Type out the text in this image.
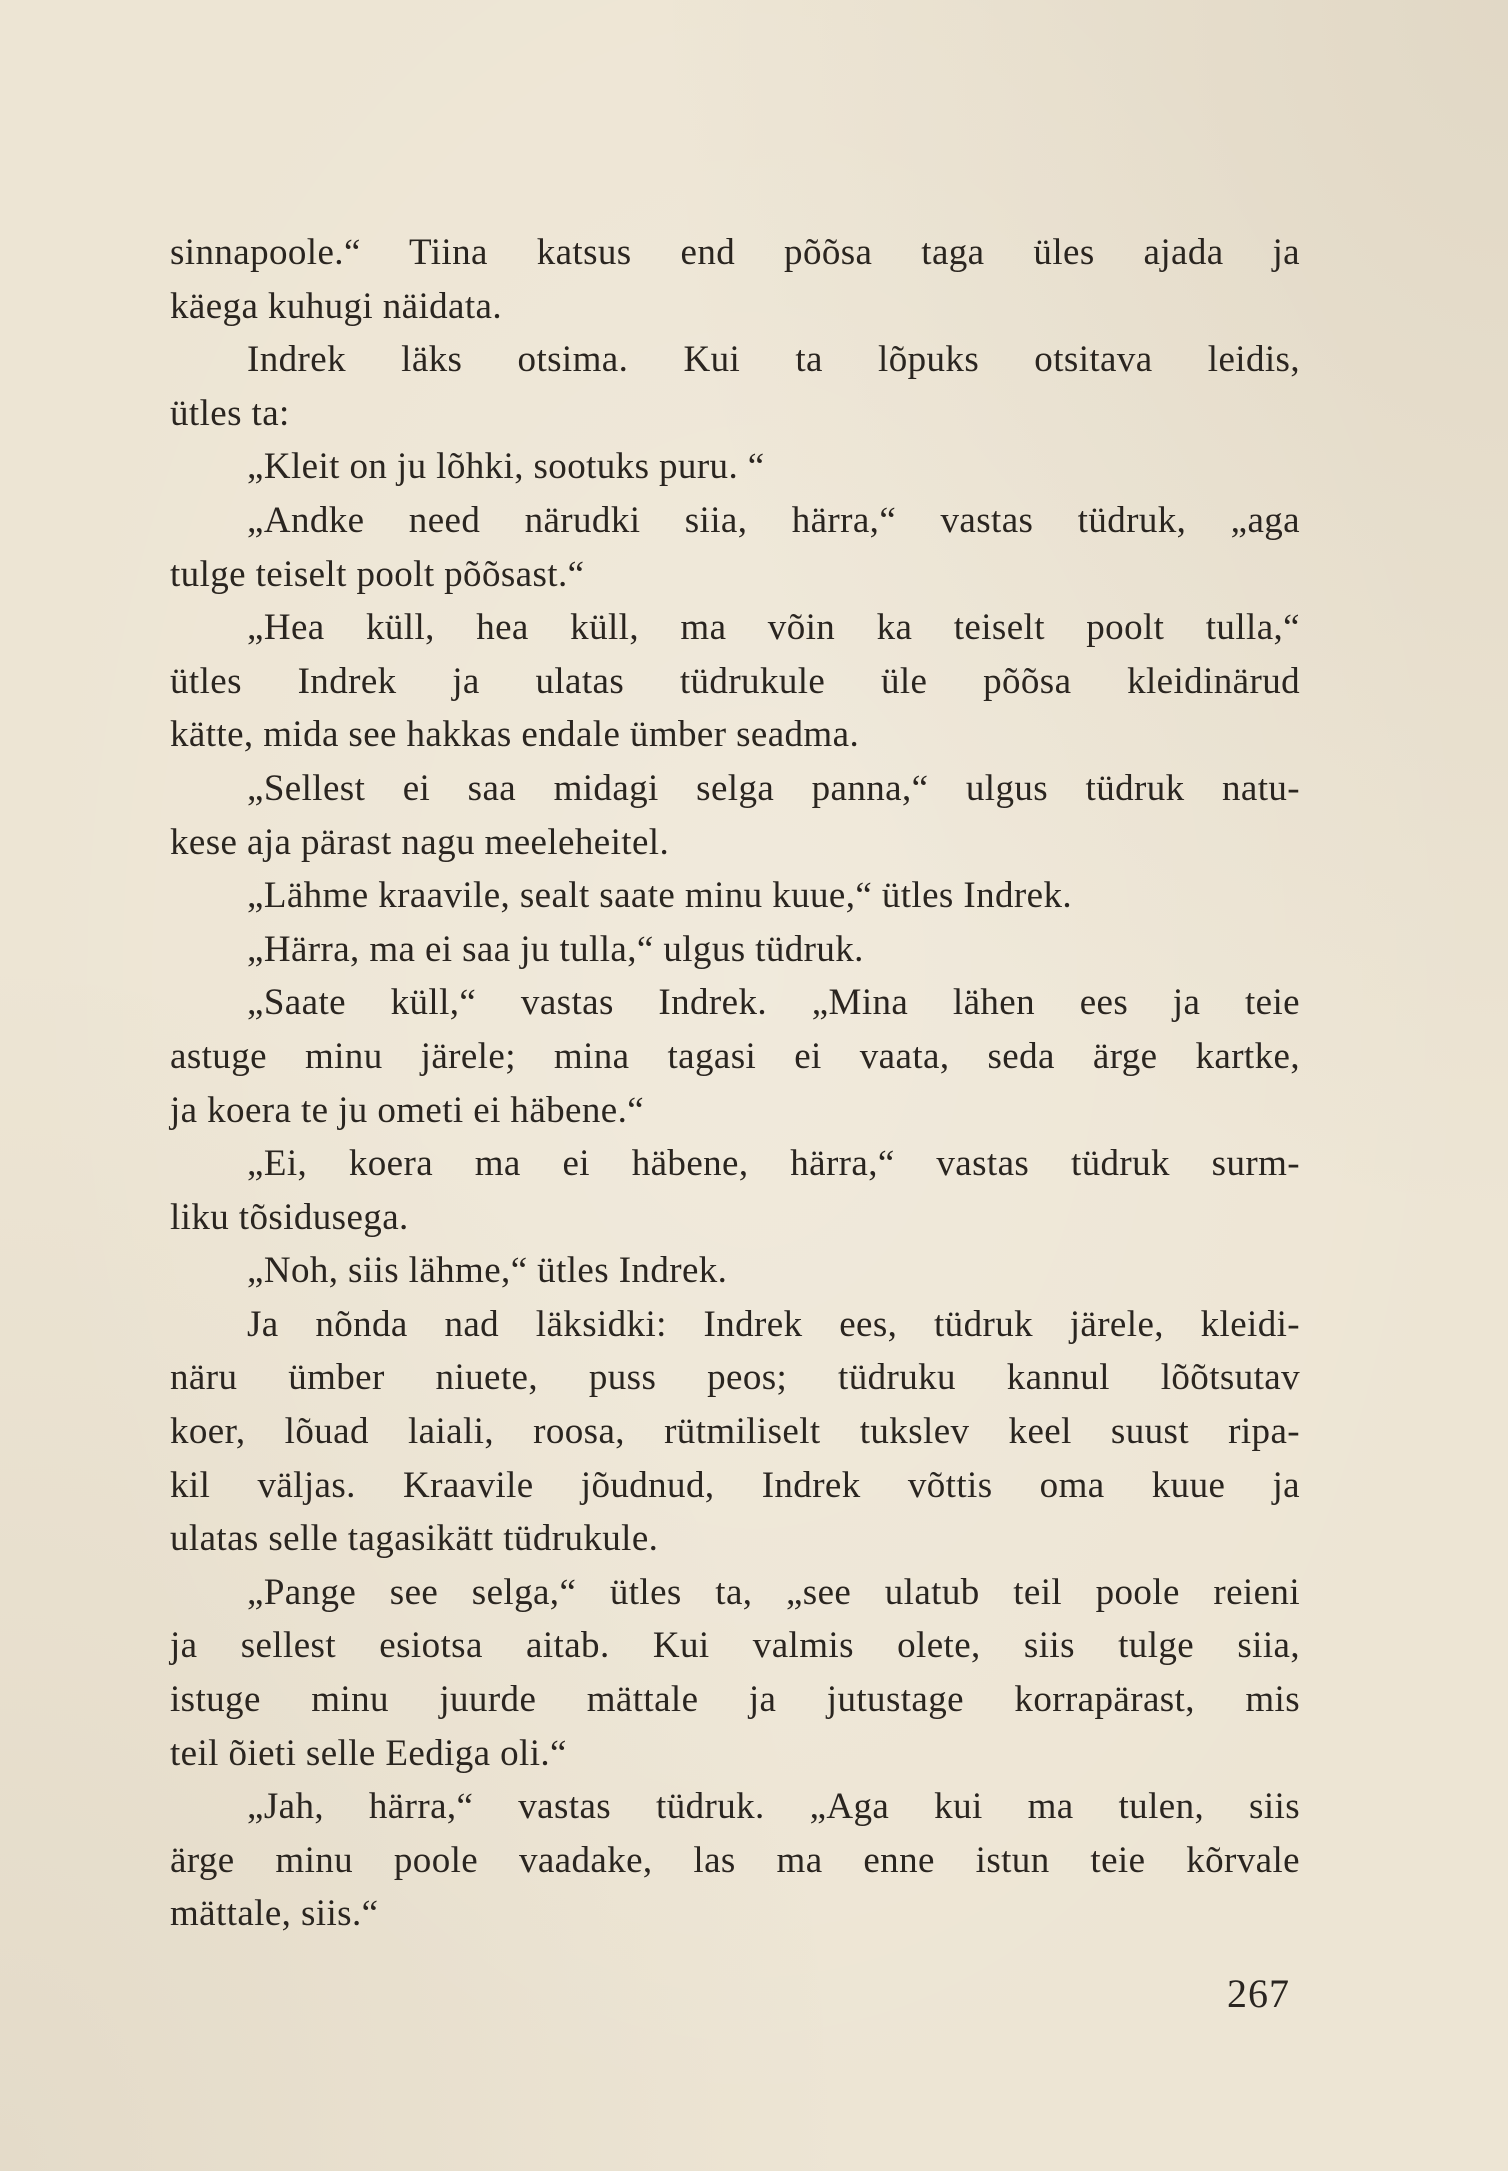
sinnapoole.“ Tiina katsus end põõsa taga üles ajada ja
käega kuhugi näidata.
Indrek läks otsima. Kui ta lõpuks otsitava leidis,
ütles ta:
„Kleit on ju lõhki, sootuks puru. “
„Andke need närudki siia, härra,“ vastas tüdruk, „aga
tulge teiselt poolt põõsast.“
„Hea küll, hea küll, ma võin ka teiselt poolt tulla,“
ütles Indrek ja ulatas tüdrukule üle põõsa kleidinärud
kätte, mida see hakkas endale ümber seadma.
„Sellest ei saa midagi selga panna,“ ulgus tüdruk natu-
kese aja pärast nagu meeleheitel.
„Lähme kraavile, sealt saate minu kuue,“ ütles Indrek.
„Härra, ma ei saa ju tulla,“ ulgus tüdruk.
„Saate küll,“ vastas Indrek. „Mina lähen ees ja teie
astuge minu järele; mina tagasi ei vaata, seda ärge kartke,
ja koera te ju ometi ei häbene.“
„Ei, koera ma ei häbene, härra,“ vastas tüdruk surm-
liku tõsidusega.
„Noh, siis lähme,“ ütles Indrek.
Ja nõnda nad läksidki: Indrek ees, tüdruk järele, kleidi-
näru ümber niuete, puss peos; tüdruku kannul lõõtsutav
koer, lõuad laiali, roosa, rütmiliselt tukslev keel suust ripa-
kil väljas. Kraavile jõudnud, Indrek võttis oma kuue ja
ulatas selle tagasikätt tüdrukule.
„Pange see selga,“ ütles ta, „see ulatub teil poole reieni
ja sellest esiotsa aitab. Kui valmis olete, siis tulge siia,
istuge minu juurde mättale ja jutustage korrapärast, mis
teil õieti selle Eediga oli.“
„Jah, härra,“ vastas tüdruk. „Aga kui ma tulen, siis
ärge minu poole vaadake, las ma enne istun teie kõrvale
mättale, siis.“
267
